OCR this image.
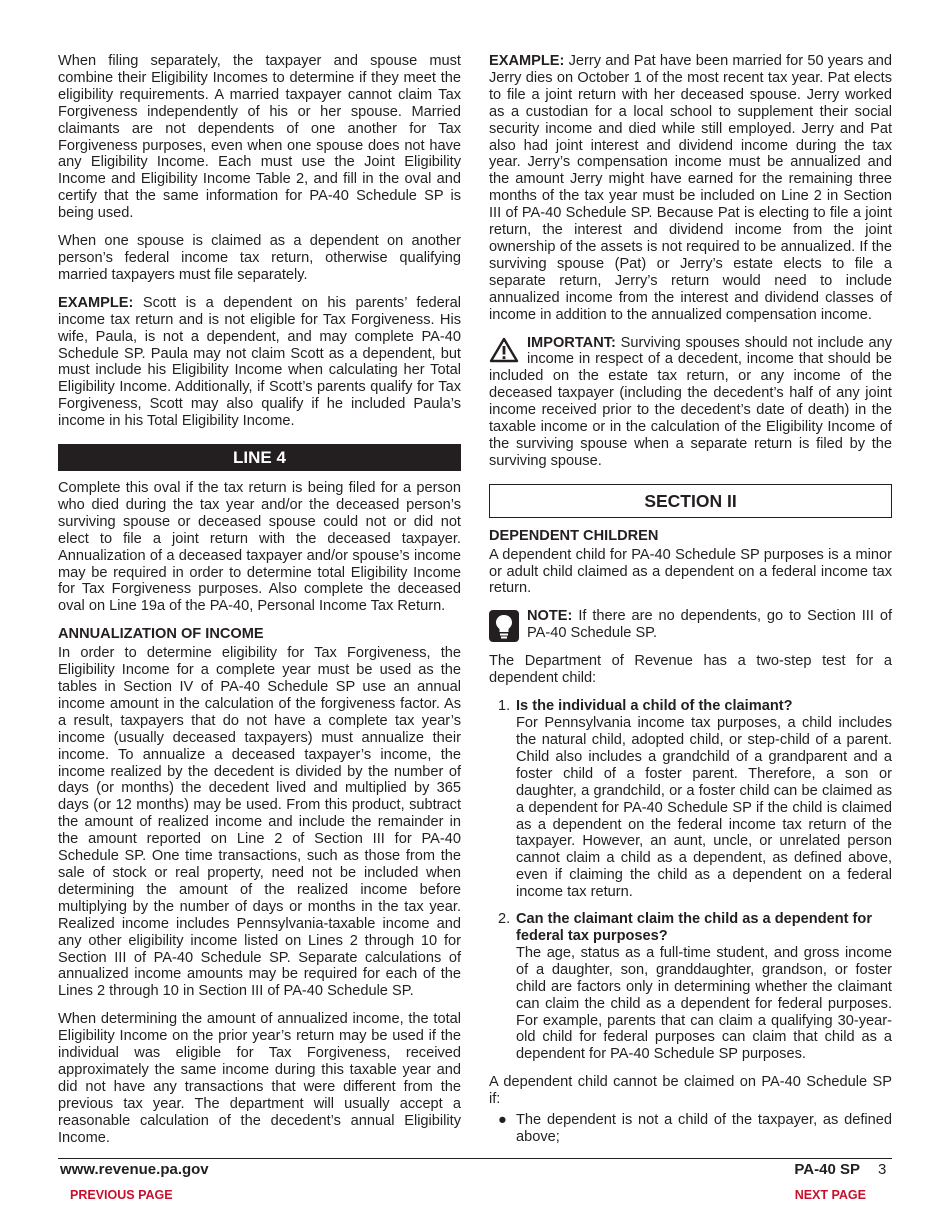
When filing separately, the taxpayer and spouse must combine their Eligibility Incomes to determine if they meet the eligibility requirements. A married taxpayer cannot claim Tax Forgiveness independently of his or her spouse. Married claimants are not dependents of one another for Tax Forgiveness purposes, even when one spouse does not have any Eligibility Income. Each must use the Joint Eligibility Income and Eligibility Income Table 2, and fill in the oval and certify that the same information for PA-40 Schedule SP is being used.

When one spouse is claimed as a dependent on another person’s federal income tax return, otherwise qualifying married taxpayers must file separately.

EXAMPLE: Scott is a dependent on his parents’ federal income tax return and is not eligible for Tax Forgiveness. His wife, Paula, is not a dependent, and may complete PA-40 Schedule SP. Paula may not claim Scott as a dependent, but must include his Eligibility Income when calculating her Total Eligibility Income. Additionally, if Scott’s parents qualify for Tax Forgiveness, Scott may also qualify if he included Paula’s income in his Total Eligibility Income.

LINE 4

Complete this oval if the tax return is being filed for a person who died during the tax year and/or the deceased person’s surviving spouse or deceased spouse could not or did not elect to file a joint return with the deceased taxpayer. Annualization of a deceased taxpayer and/or spouse’s income may be required in order to determine total Eligibility Income for Tax Forgiveness purposes. Also complete the deceased oval on Line 19a of the PA-40, Personal Income Tax Return.

ANNUALIZATION OF INCOME

In order to determine eligibility for Tax Forgiveness, the Eligibility Income for a complete year must be used as the tables in Section IV of PA-40 Schedule SP use an annual income amount in the calculation of the forgiveness factor. As a result, taxpayers that do not have a complete tax year’s income (usually deceased taxpayers) must annualize their income. To annualize a deceased taxpayer’s income, the income realized by the decedent is divided by the number of days (or months) the decedent lived and multiplied by 365 days (or 12 months) may be used. From this product, subtract the amount of realized income and include the remainder in the amount reported on Line 2 of Section III for PA-40 Schedule SP. One time transactions, such as those from the sale of stock or real property, need not be included when determining the amount of the realized income before multiplying by the number of days or months in the tax year. Realized income includes Pennsylvania-taxable income and any other eligibility income listed on Lines 2 through 10 for Section III of PA-40 Schedule SP. Separate calculations of annualized income amounts may be required for each of the Lines 2 through 10 in Section III of PA-40 Schedule SP.

When determining the amount of annualized income, the total Eligibility Income on the prior year’s return may be used if the individual was eligible for Tax Forgiveness, received approximately the same income during this taxable year and did not have any transactions that were different from the previous tax year. The department will usually accept a reasonable calculation of the decedent’s annual Eligibility Income.

EXAMPLE: Jerry and Pat have been married for 50 years and Jerry dies on October 1 of the most recent tax year. Pat elects to file a joint return with her deceased spouse. Jerry worked as a custodian for a local school to supplement their social security income and died while still employed. Jerry and Pat also had joint interest and dividend income during the tax year. Jerry’s compensation income must be annualized and the amount Jerry might have earned for the remaining three months of the tax year must be included on Line 2 in Section III of PA-40 Schedule SP. Because Pat is electing to file a joint return, the interest and dividend income from the joint ownership of the assets is not required to be annualized. If the surviving spouse (Pat) or Jerry’s estate elects to file a separate return, Jerry’s return would need to include annualized income from the interest and dividend classes of income in addition to the annualized compensation income.

IMPORTANT: Surviving spouses should not include any income in respect of a decedent, income that should be included on the estate tax return, or any income of the deceased taxpayer (including the decedent’s half of any joint income received prior to the decedent’s date of death) in the taxable income or in the calculation of the Eligibility Income of the surviving spouse when a separate return is filed by the surviving spouse.

SECTION II
DEPENDENT CHILDREN

A dependent child for PA-40 Schedule SP purposes is a minor or adult child claimed as a dependent on a federal income tax return.

NOTE: If there are no dependents, go to Section III of PA-40 Schedule SP.

The Department of Revenue has a two-step test for a dependent child:

1. Is the individual a child of the claimant?
For Pennsylvania income tax purposes, a child includes the natural child, adopted child, or step-child of a parent. Child also includes a grandchild of a grandparent and a foster child of a foster parent. Therefore, a son or daughter, a grandchild, or a foster child can be claimed as a dependent for PA-40 Schedule SP if the child is claimed as a dependent on the federal income tax return of the taxpayer. However, an aunt, uncle, or unrelated person cannot claim a child as a dependent, as defined above, even if claiming the child as a dependent on a federal income tax return.
2. Can the claimant claim the child as a dependent for federal tax purposes?
The age, status as a full-time student, and gross income of a daughter, son, granddaughter, grandson, or foster child are factors only in determining whether the claimant can claim the child as a dependent for federal purposes. For example, parents that can claim a qualifying 30-year-old child for federal purposes can claim that child as a dependent for PA-40 Schedule SP purposes.

A dependent child cannot be claimed on PA-40 Schedule SP if:

● The dependent is not a child of the taxpayer, as defined above;
www.revenue.pa.gov	PA-40 SP 3
PREVIOUS PAGE	NEXT PAGE
